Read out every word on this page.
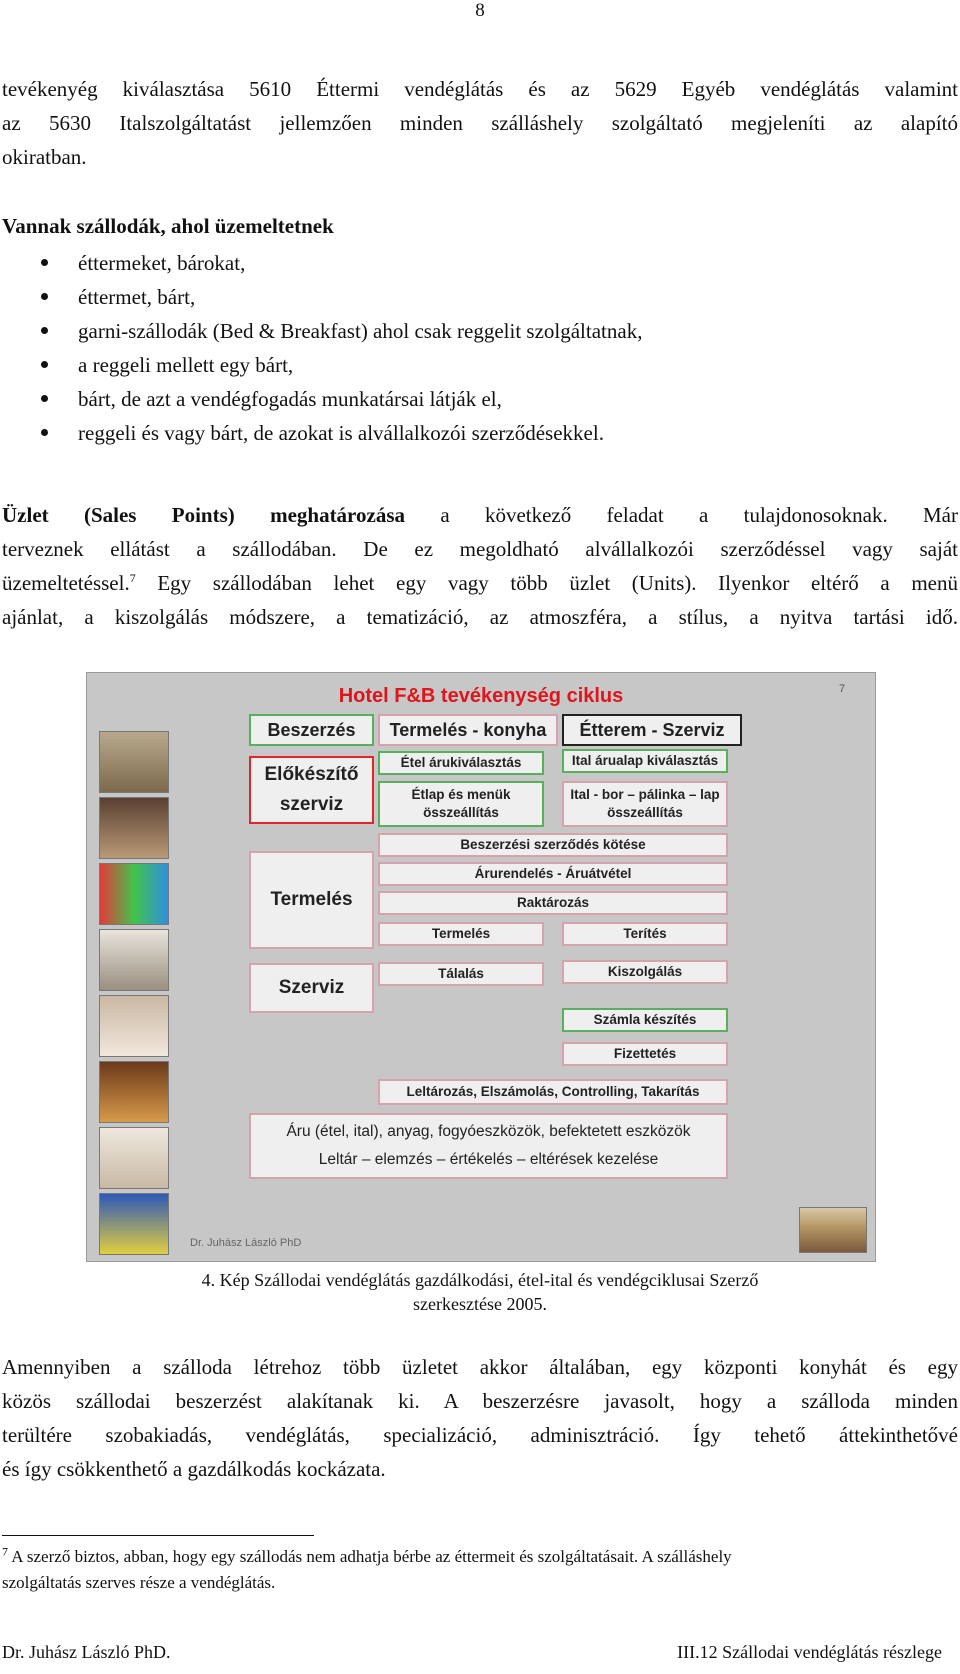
8
tevékenyég kiválasztása 5610 Éttermi vendéglátás és az 5629 Egyéb vendéglátás valamint
az 5630 Italszolgáltatást jellemzően minden szálláshely szolgáltató megjeleníti az alapító
okiratban.
Vannak szállodák, ahol üzemeltetnek
éttermeket, bárokat,
éttermet, bárt,
garni-szállodák (Bed & Breakfast) ahol csak reggelit szolgáltatnak,
a reggeli mellett egy bárt,
bárt, de azt a vendégfogadás munkatársai látják el,
reggeli és vagy bárt, de azokat is alvállalkozói szerződésekkel.
Üzlet (Sales Points) meghatározása a következő feladat a tulajdonosoknak. Már
terveznek ellátást a szállodában. De ez megoldható alvállalkozói szerződéssel vagy saját
üzemeltetéssel.$^7$ Egy szállodában lehet egy vagy több üzlet (Units). Ilyenkor eltérő a menü
ajánlat, a kiszolgálás módszere, a tematizáció, az atmoszféra, a stílus, a nyitva tartási idő.
Hotel F&B tevékenység ciklus	7
Beszerzés	Termelés - konyha	Étterem - Szerviz
Előkészítő
szerviz
Termelés
Szerviz
Étel árukiválasztás	Ital árualap kiválasztás
Étlap és menük
összeállítás
Ital - bor – pálinka – lap
összeállítás
Beszerzési szerződés kötése
Árurendelés - Áruátvétel
Raktározás
Termelés	Terítés
Tálalás	Kiszolgálás
Számla készítés
Fizettetés
Leltározás, Elszámolás, Controlling, Takarítás
Áru (étel, ital), anyag, fogyóeszközök, befektetett eszközök
Leltár – elemzés – értékelés – eltérések kezelése
Dr. Juhász László PhD
4. Kép Szállodai vendéglátás gazdálkodási, étel-ital és vendégciklusai Szerző
szerkesztése 2005.
Amennyiben a szálloda létrehoz több üzletet akkor általában, egy központi konyhát és egy
közös szállodai beszerzést alakítanak ki. A beszerzésre javasolt, hogy a szálloda minden
terültére szobakiadás, vendéglátás, specializáció, adminisztráció. Így tehető áttekinthetővé
és így csökkenthető a gazdálkodás kockázata.
$^7$ A szerző biztos, abban, hogy egy szállodás nem adhatja bérbe az éttermeit és szolgáltatásait. A szálláshely
szolgáltatás szerves része a vendéglátás.
Dr. Juhász László PhD.	III.12 Szállodai vendéglátás részlege
